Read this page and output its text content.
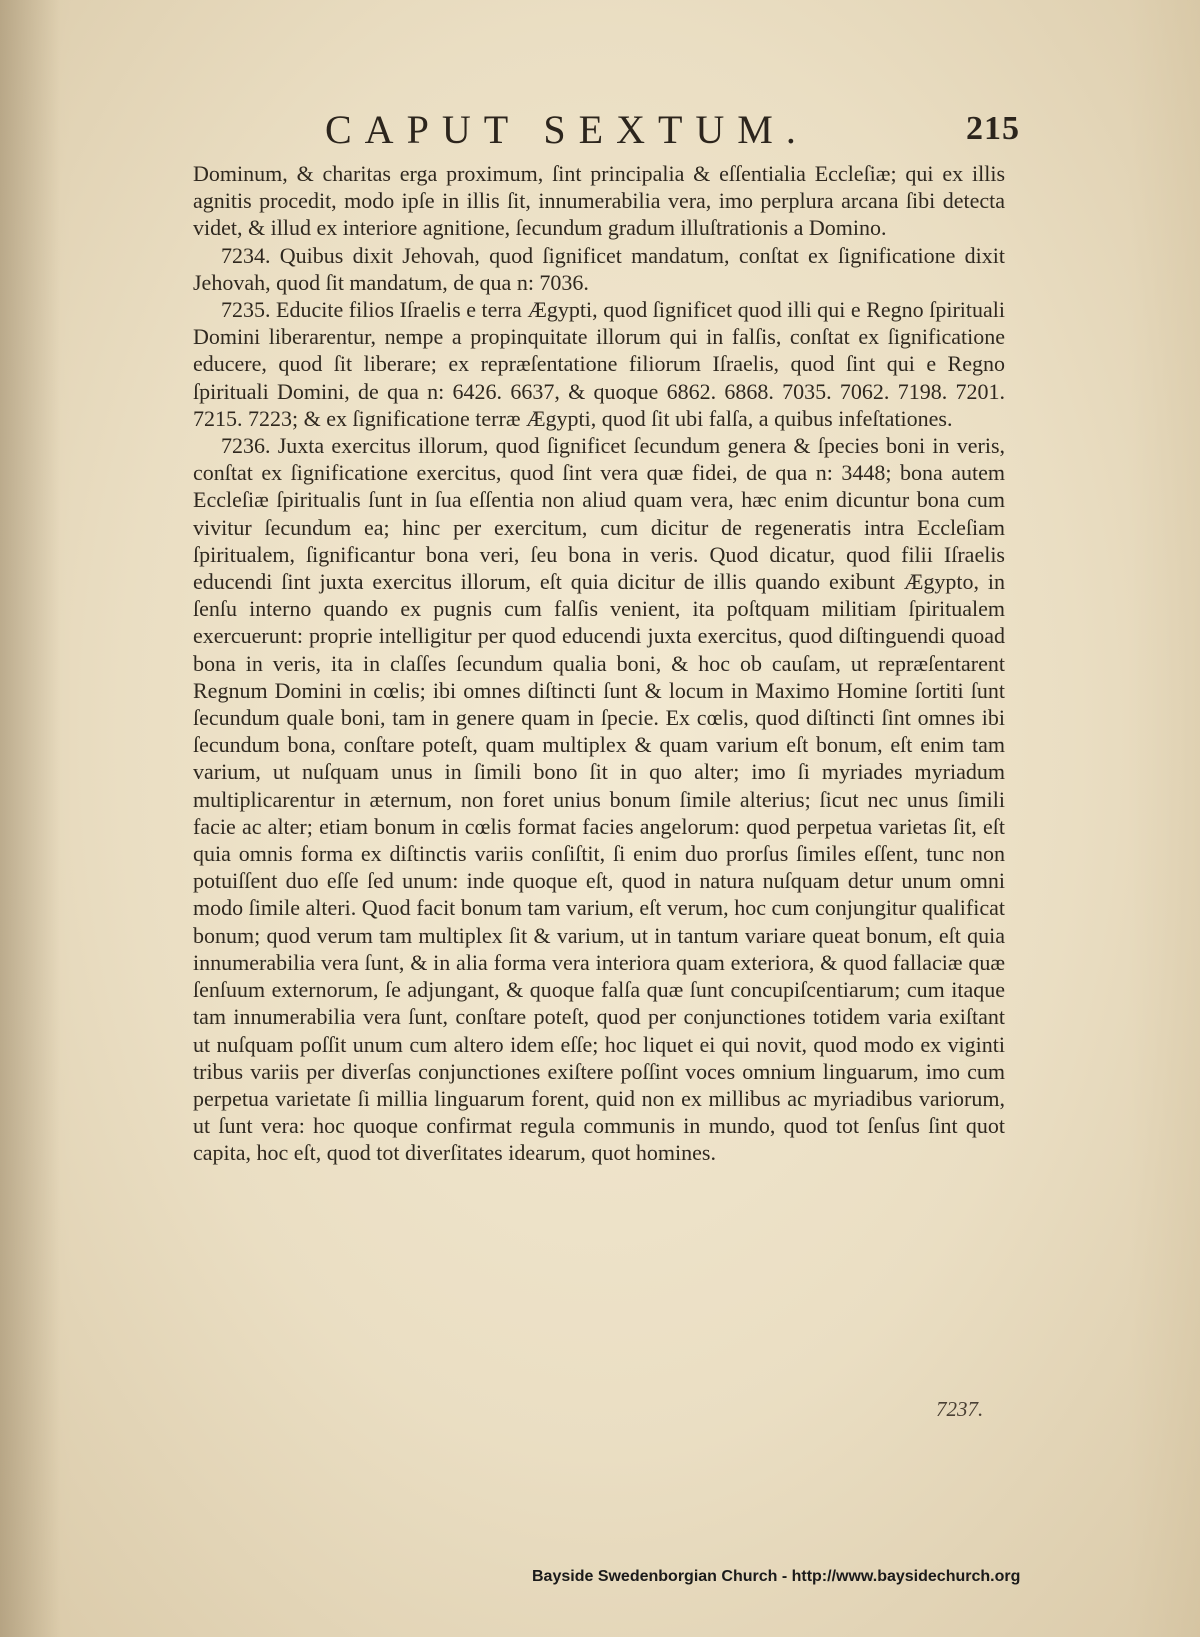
CAPUT SEXTUM.	215

Dominum, & charitas erga proximum, ſint principalia & eſſentialia Eccleſiæ; qui ex illis agnitis procedit, modo ipſe in illis ſit, innumerabilia vera, imo perplura arcana ſibi detecta videt, & illud ex interiore agnitione, ſecundum gradum illuſtrationis a Domino.

7234. Quibus dixit Jehovah, quod ſignificet mandatum, conſtat ex ſignificatione dixit Jehovah, quod ſit mandatum, de qua n: 7036.

7235. Educite filios Iſraelis e terra Ægypti, quod ſignificet quod illi qui e Regno ſpirituali Domini liberarentur, nempe a propinquitate illorum qui in falſis, conſtat ex ſignificatione educere, quod ſit liberare; ex repræſentatione filiorum Iſraelis, quod ſint qui e Regno ſpirituali Domini, de qua n: 6426. 6637, & quoque 6862. 6868. 7035. 7062. 7198. 7201. 7215. 7223; & ex ſignificatione terræ Ægypti, quod ſit ubi falſa, a quibus infeſtationes.

7236. Juxta exercitus illorum, quod ſignificet ſecundum genera & ſpecies boni in veris, conſtat ex ſignificatione exercitus, quod ſint vera quæ fidei, de qua n: 3448; bona autem Eccleſiæ ſpiritualis ſunt in ſua eſſentia non aliud quam vera, hæc enim dicuntur bona cum vivitur ſecundum ea; hinc per exercitum, cum dicitur de regeneratis intra Eccleſiam ſpiritualem, ſignificantur bona veri, ſeu bona in veris. Quod dicatur, quod filii Iſraelis educendi ſint juxta exercitus illorum, eſt quia dicitur de illis quando exibunt Ægypto, in ſenſu interno quando ex pugnis cum falſis venient, ita poſtquam militiam ſpiritualem exercuerunt: proprie intelligitur per quod educendi juxta exercitus, quod diſtinguendi quoad bona in veris, ita in claſſes ſecundum qualia boni, & hoc ob cauſam, ut repræſentarent Regnum Domini in cœlis; ibi omnes diſtincti ſunt & locum in Maximo Homine ſortiti ſunt ſecundum quale boni, tam in genere quam in ſpecie. Ex cœlis, quod diſtincti ſint omnes ibi ſecundum bona, conſtare poteſt, quam multiplex & quam varium eſt bonum, eſt enim tam varium, ut nuſquam unus in ſimili bono ſit in quo alter; imo ſi myriades myriadum multiplicarentur in æternum, non foret unius bonum ſimile alterius; ſicut nec unus ſimili facie ac alter; etiam bonum in cœlis format facies angelorum: quod perpetua varietas ſit, eſt quia omnis forma ex diſtinctis variis conſiſtit, ſi enim duo prorſus ſimiles eſſent, tunc non potuiſſent duo eſſe ſed unum: inde quoque eſt, quod in natura nuſquam detur unum omni modo ſimile alteri. Quod facit bonum tam varium, eſt verum, hoc cum conjungitur qualificat bonum; quod verum tam multiplex ſit & varium, ut in tantum variare queat bonum, eſt quia innumerabilia vera ſunt, & in alia forma vera interiora quam exteriora, & quod fallaciæ quæ ſenſuum externorum, ſe adjungant, & quoque falſa quæ ſunt concupiſcentiarum; cum itaque tam innumerabilia vera ſunt, conſtare poteſt, quod per conjunctiones totidem varia exiſtant ut nuſquam poſſit unum cum altero idem eſſe; hoc liquet ei qui novit, quod modo ex viginti tribus variis per diverſas conjunctiones exiſtere poſſint voces omnium linguarum, imo cum perpetua varietate ſi millia linguarum forent, quid non ex millibus ac myriadibus variorum, ut ſunt vera: hoc quoque confirmat regula communis in mundo, quod tot ſenſus ſint quot capita, hoc eſt, quod tot diverſitates idearum, quot homines.

7237.
Bayside Swedenborgian Church - http://www.baysidechurch.org
